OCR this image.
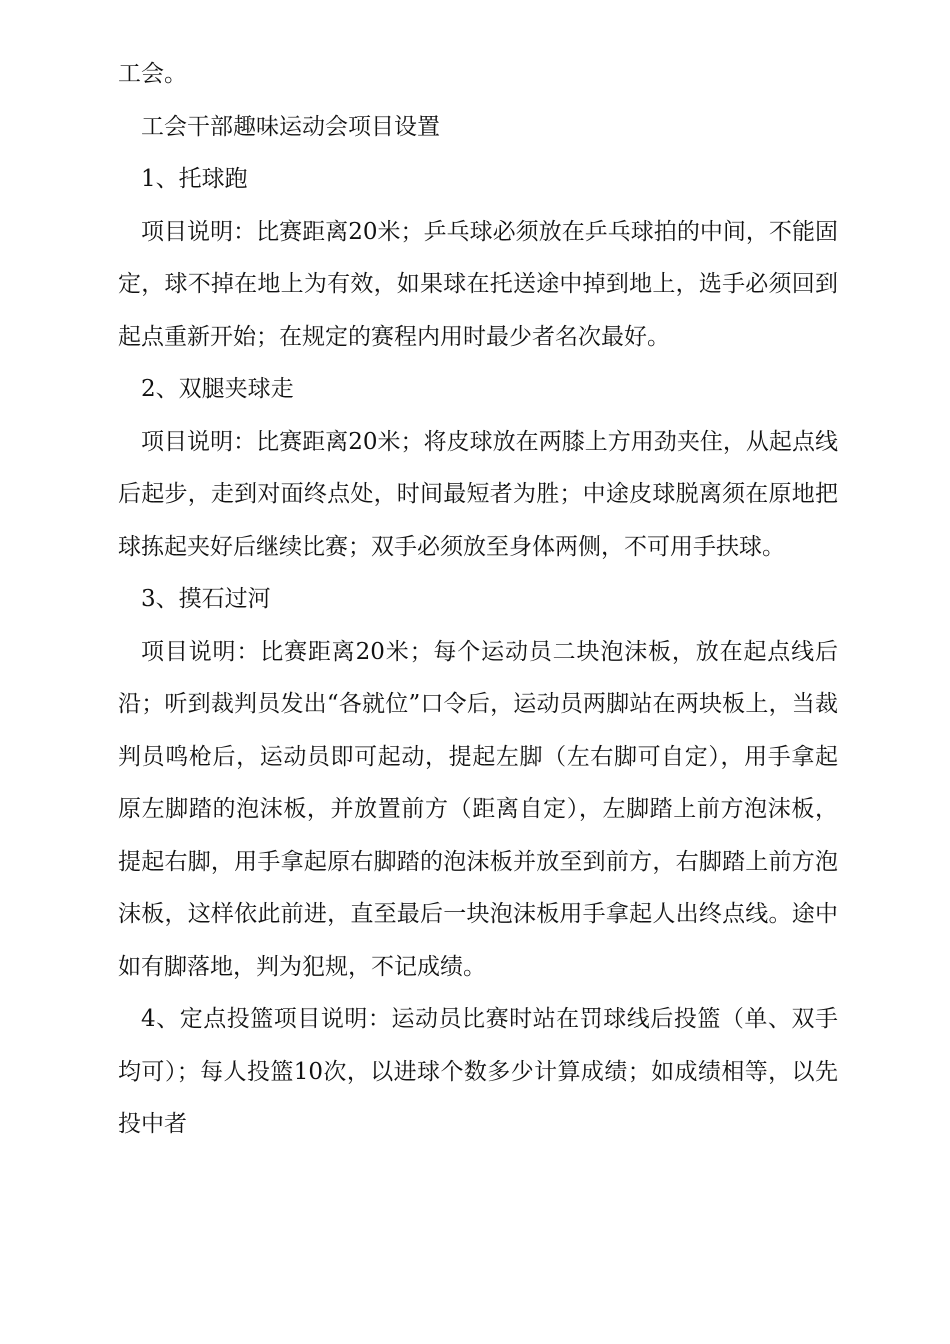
工会。

工会干部趣味运动会项目设置

1、托球跑

项目说明：比赛距离20米；乒乓球必须放在乒乓球拍的中间，不能固定，球不掉在地上为有效，如果球在托送途中掉到地上，选手必须回到起点重新开始；在规定的赛程内用时最少者名次最好。

2、双腿夹球走

项目说明：比赛距离20米；将皮球放在两膝上方用劲夹住，从起点线后起步，走到对面终点处，时间最短者为胜；中途皮球脱离须在原地把球拣起夹好后继续比赛；双手必须放至身体两侧，不可用手扶球。

3、摸石过河

项目说明：比赛距离20米；每个运动员二块泡沫板，放在起点线后沿；听到裁判员发出“各就位”口令后，运动员两脚站在两块板上，当裁判员鸣枪后，运动员即可起动，提起左脚（左右脚可自定），用手拿起原左脚踏的泡沫板，并放置前方（距离自定），左脚踏上前方泡沫板，提起右脚，用手拿起原右脚踏的泡沫板并放至到前方，右脚踏上前方泡沫板，这样依此前进，直至最后一块泡沫板用手拿起人出终点线。途中如有脚落地，判为犯规，不记成绩。

4、定点投篮项目说明：运动员比赛时站在罚球线后投篮（单、双手均可）；每人投篮10次，以进球个数多少计算成绩；如成绩相等，以先投中者
